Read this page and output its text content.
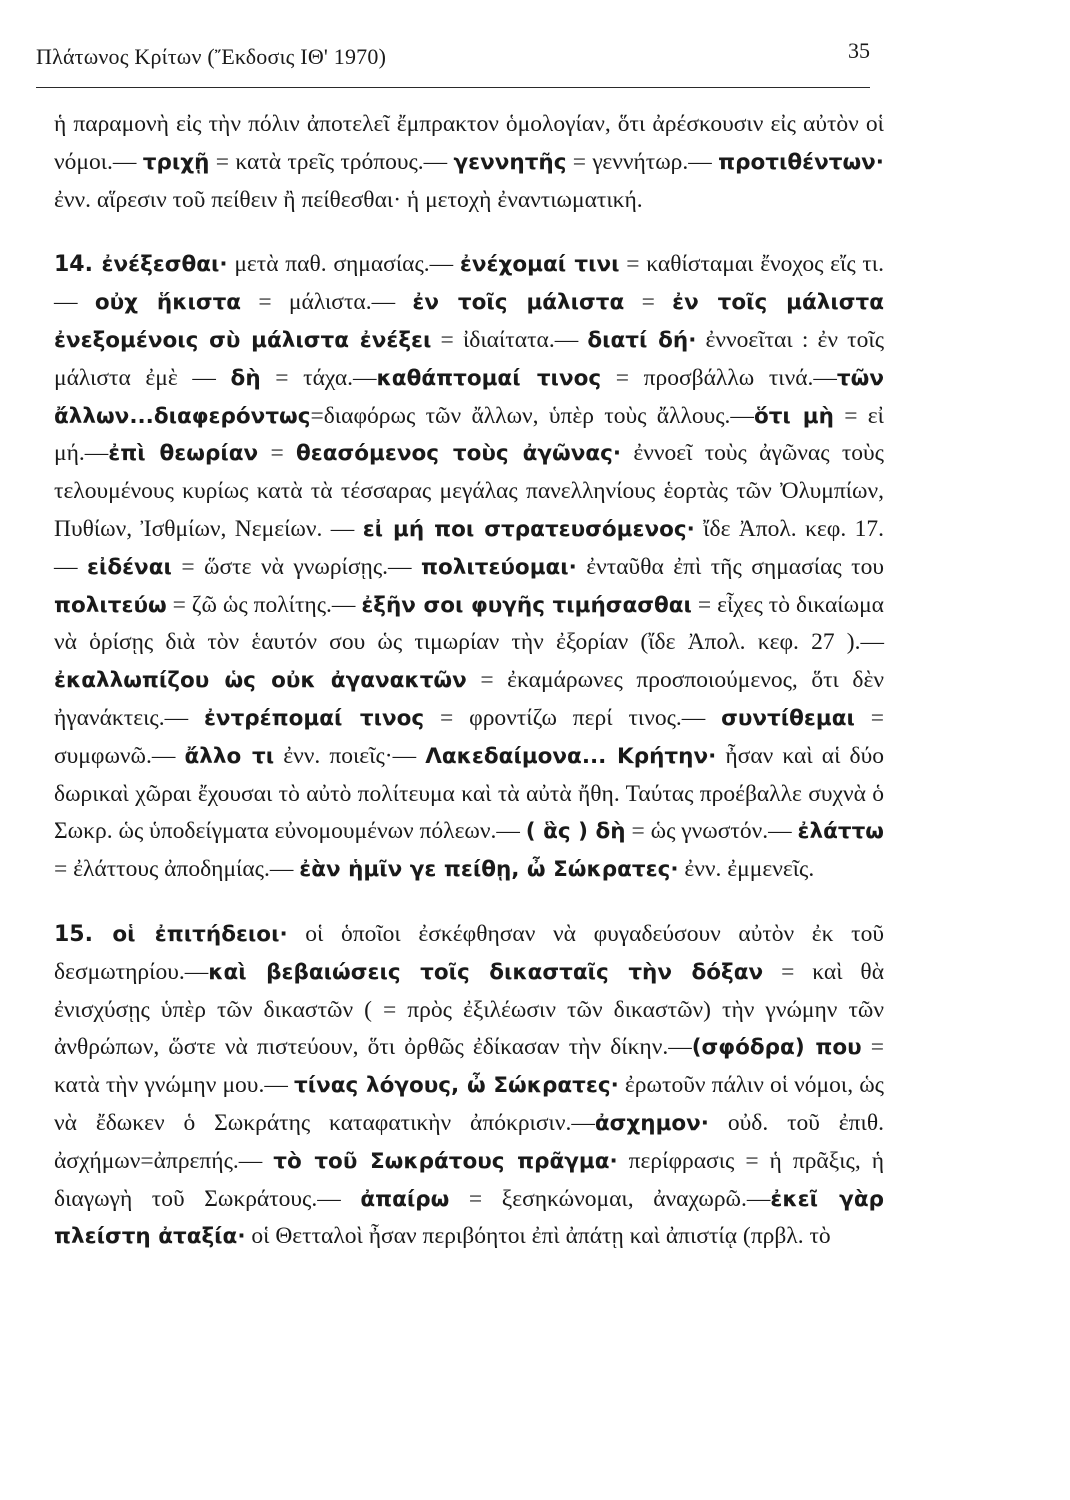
Πλάτωνος Κρίτων (Ἔκδοσις ΙΘ' 1970)	35

ἡ παραμονὴ εἰς τὴν πόλιν ἀποτελεῖ ἔμπρακτον ὁμολογίαν, ὅτι ἀρέσκουσιν εἰς αὐτὸν οἱ νόμοι.— τριχῇ = κατὰ τρεῖς τρόπους.— γεννητῆς = γεννήτωρ.— προτιθέντων· ἐνν. αἵρεσιν τοῦ πείθειν ἢ πείθεσθαι· ἡ μετοχὴ ἐναντιωματική.

14. ἐνέξεσθαι· μετὰ παθ. σημασίας.— ἐνέχομαί τινι = καθίσταμαι ἔνοχος εἴς τι.— οὐχ ἥκιστα = μάλιστα.— ἐν τοῖς μάλιστα = ἐν τοῖς μάλιστα ἐνεξομένοις σὺ μάλιστα ἐνέξει = ἰδιαίτατα.— διατί δή· ἐννοεῖται : ἐν τοῖς μάλιστα ἐμὲ — δὴ = τάχα.—καθάπτομαί τινος = προσβάλλω τινά.—τῶν ἄλλων...διαφερόντως=διαφόρως τῶν ἄλλων, ὑπὲρ τοὺς ἄλλους.—ὅτι μὴ = εἰ μή.—ἐπὶ θεωρίαν = θεασόμενος τοὺς ἀγῶνας· ἐννοεῖ τοὺς ἀγῶνας τοὺς τελουμένους κυρίως κατὰ τὰ τέσσαρας μεγάλας πανελληνίους ἑορτὰς τῶν Ὀλυμπίων, Πυθίων, Ἰσθμίων, Νεμείων. — εἰ μή ποι στρατευσόμενος· ἴδε Ἀπολ. κεφ. 17. — εἰδέναι = ὥστε νὰ γνωρίσῃς.— πολιτεύομαι· ἐνταῦθα ἐπὶ τῆς σημασίας του πολιτεύω = ζῶ ὡς πολίτης.— ἐξῆν σοι φυγῆς τιμήσασθαι = εἶχες τὸ δικαίωμα νὰ ὁρίσῃς διὰ τὸν ἑαυτόν σου ὡς τιμωρίαν τὴν ἐξορίαν (ἴδε Ἀπολ. κεφ. 27 ).— ἐκαλλωπίζου ὡς οὐκ ἀγανακτῶν = ἐκαμάρωνες προσποιούμενος, ὅτι δὲν ἠγανάκτεις.— ἐντρέπομαί τινος = φροντίζω περί τινος.— συντίθεμαι = συμφωνῶ.— ἄλλο τι ἐνν. ποιεῖς·— Λακεδαίμονα... Κρήτην· ἦσαν καὶ αἱ δύο δωρικαὶ χῶραι ἔχουσαι τὸ αὐτὸ πολίτευμα καὶ τὰ αὐτὰ ἤθη. Ταύτας προέβαλλε συχνὰ ὁ Σωκρ. ὡς ὑποδείγματα εὐνομουμένων πόλεων.— ( ἃς ) δὴ = ὡς γνωστόν.— ἐλάττω = ἐλάττους ἀποδημίας.— ἐὰν ἡμῖν γε πείθῃ, ὦ Σώκρατες· ἐνν. ἐμμενεῖς.

15. οἱ ἐπιτήδειοι· οἱ ὁποῖοι ἐσκέφθησαν νὰ φυγαδεύσουν αὐτὸν ἐκ τοῦ δεσμωτηρίου.—καὶ βεβαιώσεις τοῖς δικασταῖς τὴν δόξαν = καὶ θὰ ἐνισχύσῃς ὑπὲρ τῶν δικαστῶν ( = πρὸς ἐξιλέωσιν τῶν δικαστῶν) τὴν γνώμην τῶν ἀνθρώπων, ὥστε νὰ πιστεύουν, ὅτι ὀρθῶς ἐδίκασαν τὴν δίκην.—(σφόδρα) που = κατὰ τὴν γνώμην μου.— τίνας λόγους, ὦ Σώκρατες· ἐρωτοῦν πάλιν οἱ νόμοι, ὡς νὰ ἔδωκεν ὁ Σωκράτης καταφατικὴν ἀπόκρισιν.—ἀσχημον· οὐδ. τοῦ ἐπιθ. ἀσχήμων=ἀπρεπής.— τὸ τοῦ Σωκράτους πρᾶγμα· περίφρασις = ἡ πρᾶξις, ἡ διαγωγὴ τοῦ Σωκράτους.— ἀπαίρω = ξεσηκώνομαι, ἀναχωρῶ.—ἐκεῖ γὰρ πλείστη ἀταξία· οἱ Θετταλοὶ ἦσαν περιβόητοι ἐπὶ ἀπάτῃ καὶ ἀπιστίᾳ (πρβλ. τὸ
